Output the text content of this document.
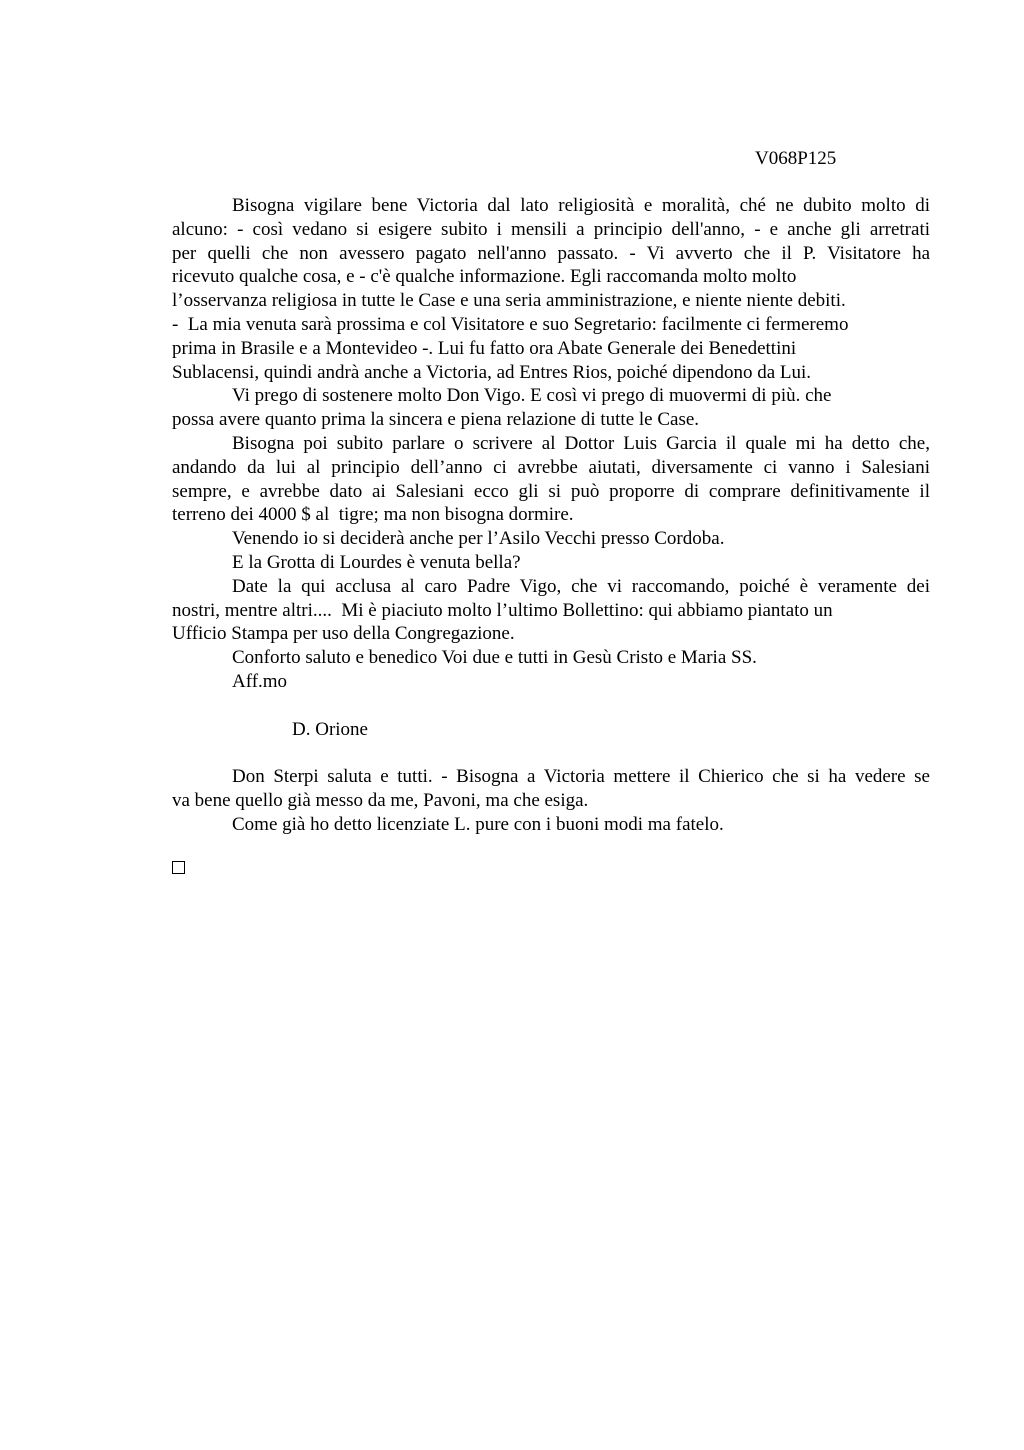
V068P125

Bisogna vigilare bene Victoria dal lato religiosità e moralità, ché ne dubito molto di
alcuno: - così vedano si esigere subito i mensili a principio dell'anno, - e anche gli arretrati
per quelli che non avessero pagato nell'anno passato. - Vi avverto che il P. Visitatore ha
ricevuto qualche cosa, e - c'è qualche informazione. Egli raccomanda molto molto
l’osservanza religiosa in tutte le Case e una seria amministrazione, e niente niente debiti.
-  La mia venuta sarà prossima e col Visitatore e suo Segretario: facilmente ci fermeremo
prima in Brasile e a Montevideo -. Lui fu fatto ora Abate Generale dei Benedettini
Sublacensi, quindi andrà anche a Victoria, ad Entres Rios, poiché dipendono da Lui.

Vi prego di sostenere molto Don Vigo. E così vi prego di muovermi di più. che
possa avere quanto prima la sincera e piena relazione di tutte le Case.

Bisogna poi subito parlare o scrivere al Dottor Luis Garcia il quale mi ha detto che,
andando da lui al principio dell’anno ci avrebbe aiutati, diversamente ci vanno i Salesiani
sempre, e avrebbe dato ai Salesiani ecco gli si può proporre di comprare definitivamente il
terreno dei 4000 $ al  tigre; ma non bisogna dormire.

Venendo io si deciderà anche per l’Asilo Vecchi presso Cordoba.

E la Grotta di Lourdes è venuta bella?

Date la qui acclusa al caro Padre Vigo, che vi raccomando, poiché è veramente dei
nostri, mentre altri....  Mi è piaciuto molto l’ultimo Bollettino: qui abbiamo piantato un
Ufficio Stampa per uso della Congregazione.

Conforto saluto e benedico Voi due e tutti in Gesù Cristo e Maria SS.

Aff.mo

D. Orione

Don Sterpi saluta e tutti. - Bisogna a Victoria mettere il Chierico che si ha vedere se
va bene quello già messo da me, Pavoni, ma che esiga.

Come già ho detto licenziate L. pure con i buoni modi ma fatelo.
